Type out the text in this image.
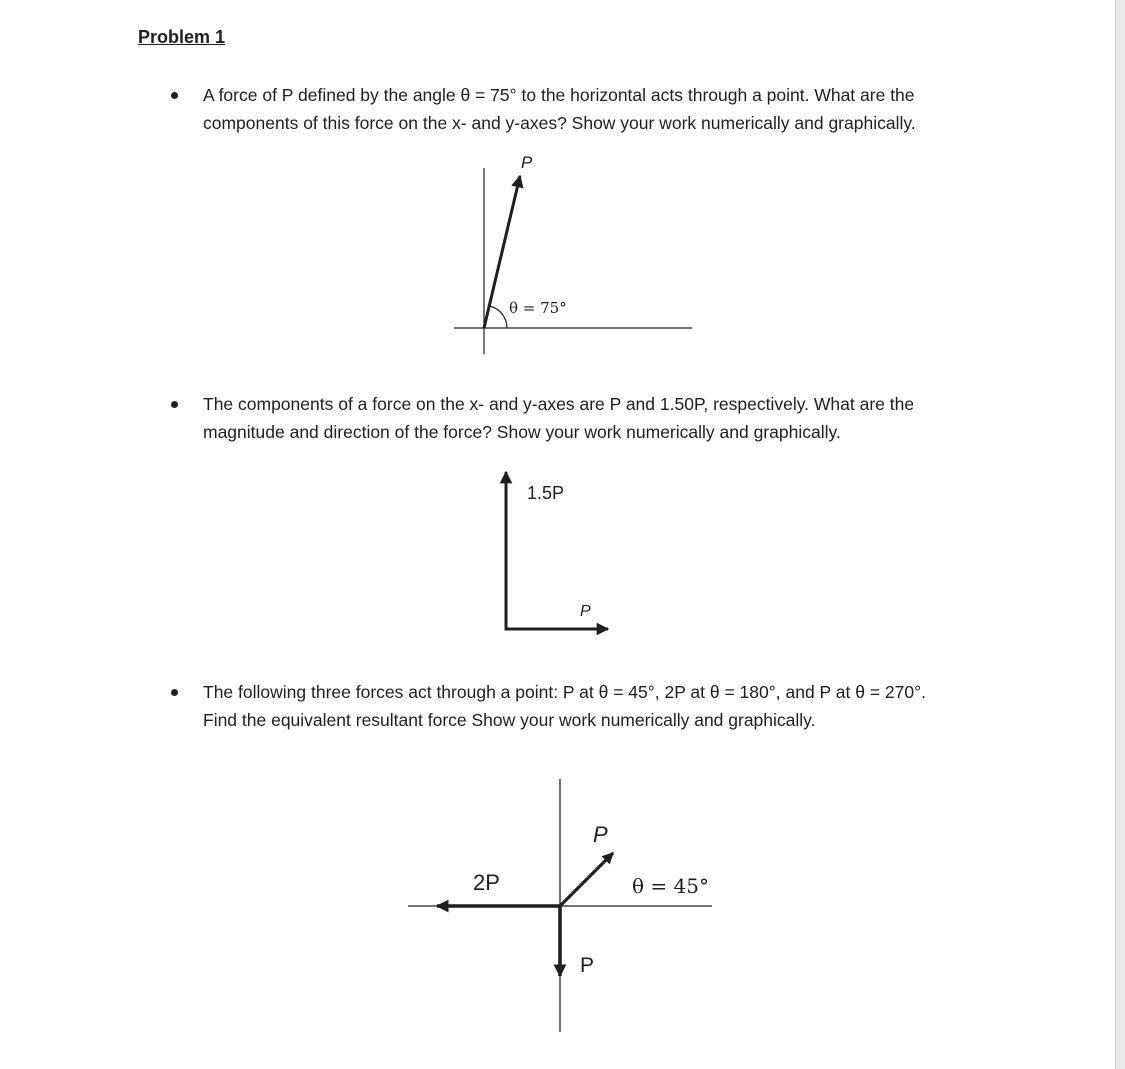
Problem 1

A force of P defined by the angle θ = 75° to the horizontal acts through a point. What are the
components of this force on the x- and y-axes? Show your work numerically and graphically.

P
θ = 75°
1.5P
P
P
2P	θ = 45°
P

The components of a force on the x- and y-axes are P and 1.50P, respectively. What are the
magnitude and direction of the force? Show your work numerically and graphically.

The following three forces act through a point: P at θ = 45°, 2P at θ = 180°, and P at θ = 270°.
Find the equivalent resultant force Show your work numerically and graphically.
